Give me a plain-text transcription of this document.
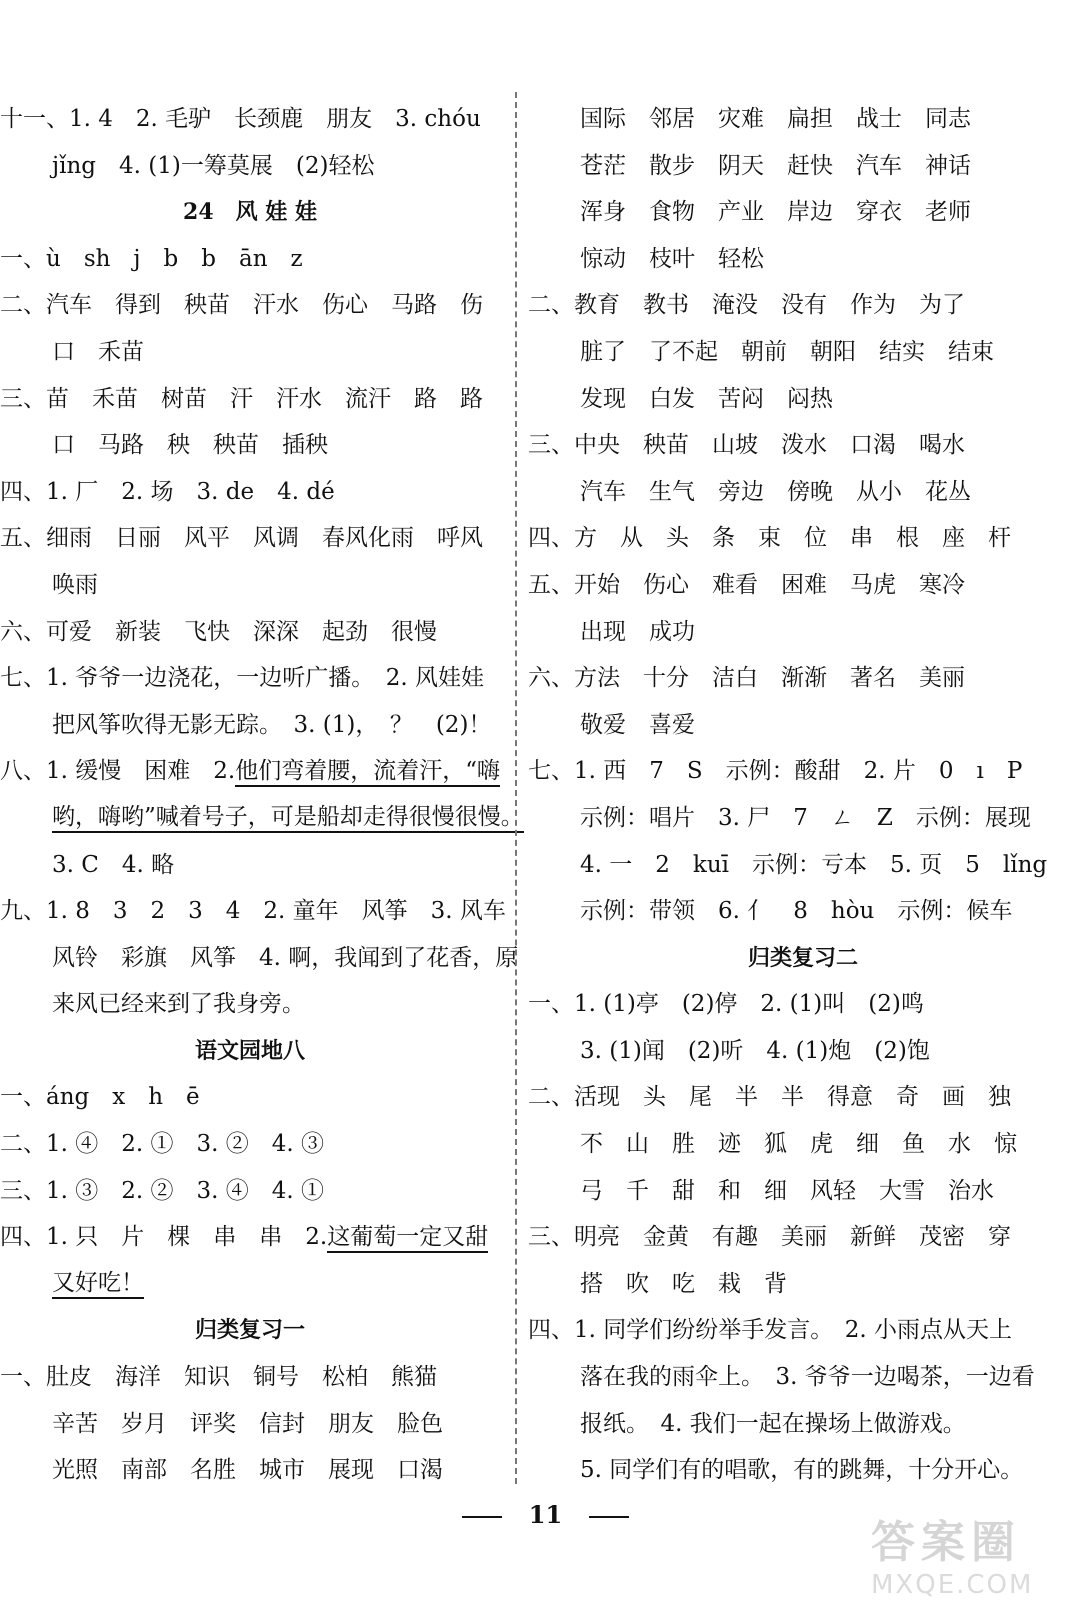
十一、1. 4　2. 毛驴　长颈鹿　朋友　3. chóu
jǐng　4. (1)一筹莫展　(2)轻松
24　风 娃 娃
一、ù　sh　j　b　b　ān　z
二、汽车　得到　秧苗　汗水　伤心　马路　伤
口　禾苗
三、苗　禾苗　树苗　汗　汗水　流汗　路　路
口　马路　秧　秧苗　插秧
四、1. 厂　2. 场　3. de　4. dé
五、细雨　日丽　风平　风调　春风化雨　呼风
唤雨
六、可爱　新装　飞快　深深　起劲　很慢
七、1. 爷爷一边浇花，一边听广播。　2. 风娃娃
把风筝吹得无影无踪。　3. (1)，　？　(2)！
八、1. 缓慢　困难　2. 他们弯着腰，流着汗，“嗨
哟，嗨哟”喊着号子，可是船却走得很慢很慢。
3. C　4. 略
九、1. 8　3　2　3　4　2. 童年　风筝　3. 风车
风铃　彩旗　风筝　4. 啊，我闻到了花香，原
来风已经来到了我身旁。
语文园地八
一、áng　x　h　ē
二、1. ④　2. ①　3. ②　4. ③
三、1. ③　2. ②　3. ④　4. ①
四、1. 只　片　棵　串　串　2. 这葡萄一定又甜
又好吃！
归类复习一
一、肚皮　海洋　知识　铜号　松柏　熊猫
辛苦　岁月　评奖　信封　朋友　脸色
光照　南部　名胜　城市　展现　口渴
国际　邻居　灾难　扁担　战士　同志
苍茫　散步　阴天　赶快　汽车　神话
浑身　食物　产业　岸边　穿衣　老师
惊动　枝叶　轻松
二、教育　教书　淹没　没有　作为　为了
脏了　了不起　朝前　朝阳　结实　结束
发现　白发　苦闷　闷热
三、中央　秧苗　山坡　泼水　口渴　喝水
汽车　生气　旁边　傍晚　从小　花丛
四、方　从　头　条　束　位　串　根　座　杆
五、开始　伤心　难看　困难　马虎　寒冷
出现　成功
六、方法　十分　洁白　渐渐　著名　美丽
敬爱　喜爱
七、1. 西　7　S　示例：酸甜　2. 片　0　ı　P
示例：唱片　3. 尸　7　ㄥ　Z　示例：展现
4. 一　2　kuī　示例：亏本　5. 页　5　lǐng
示例：带领　6. 亻　8　hòu　示例：候车
归类复习二
一、1. (1)亭　(2)停　2. (1)叫　(2)鸣
3. (1)闻　(2)听　4. (1)炮　(2)饱
二、活现　头　尾　半　半　得意　奇　画　独
不　山　胜　迹　狐　虎　细　鱼　水　惊
弓　千　甜　和　细　风轻　大雪　治水
三、明亮　金黄　有趣　美丽　新鲜　茂密　穿
搭　吹　吃　栽　背
四、1. 同学们纷纷举手发言。　2. 小雨点从天上
落在我的雨伞上。　3. 爷爷一边喝茶，一边看
报纸。　4. 我们一起在操场上做游戏。
5. 同学们有的唱歌，有的跳舞，十分开心。
11
答案圈
MXQE.COM
